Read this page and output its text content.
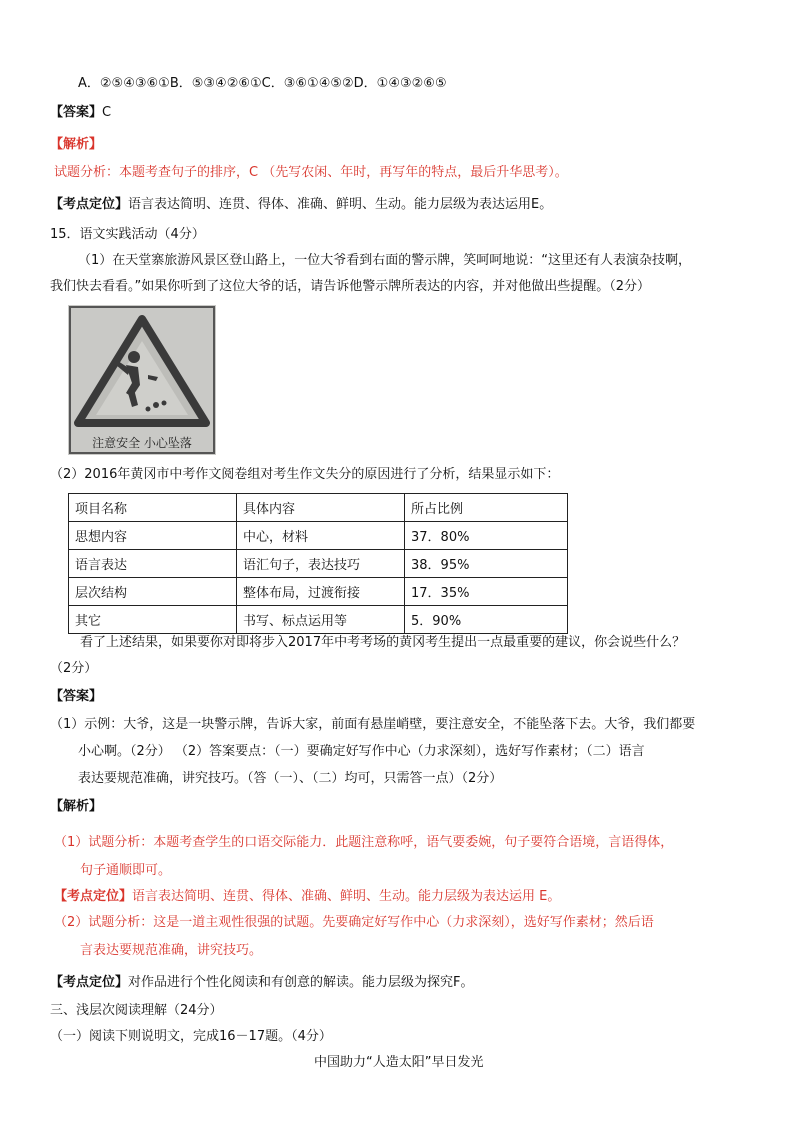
A．②⑤④③⑥①B．⑤③④②⑥①C．③⑥①④⑤②D．①④③②⑥⑤
【答案】C
【解析】
试题分析：本题考查句子的排序，C （先写农闲、年时，再写年的特点，最后升华思考）。
【考点定位】语言表达简明、连贯、得体、准确、鲜明、生动。能力层级为表达运用E。
15．语文实践活动（4分）
（1）在天堂寨旅游风景区登山路上，一位大爷看到右面的警示牌，笑呵呵地说：“这里还有人表演杂技啊，
我们快去看看。”如果你听到了这位大爷的话，请告诉他警示牌所表达的内容，并对他做出些提醒。（2分）
注意安全 小心坠落
（2）2016年黄冈市中考作文阅卷组对考生作文失分的原因进行了分析，结果显示如下：
项目名称	具体内容	所占比例
思想内容	中心，材料	37．80%
语言表达	语汇句子，表达技巧	38．95%
层次结构	整体布局，过渡衔接	17．35%
其它	书写、标点运用等	5．90%
看了上述结果，如果要你对即将步入2017年中考考场的黄冈考生提出一点最重要的建议，你会说些什么？
（2分）
【答案】
（1）示例：大爷，这是一块警示牌，告诉大家，前面有悬崖峭壁，要注意安全，不能坠落下去。大爷，我们都要
小心啊。（2分） （2）答案要点：（一）要确定好写作中心（力求深刻），选好写作素材；（二）语言
表达要规范准确，讲究技巧。（答（一）、（二）均可，只需答一点）（2分）
【解析】
（1）试题分析：本题考查学生的口语交际能力．此题注意称呼，语气要委婉，句子要符合语境，言语得体，
句子通顺即可。
【考点定位】语言表达简明、连贯、得体、准确、鲜明、生动。能力层级为表达运用 E。
（2）试题分析：这是一道主观性很强的试题。先要确定好写作中心（力求深刻），选好写作素材；然后语
言表达要规范准确，讲究技巧。
【考点定位】对作品进行个性化阅读和有创意的解读。能力层级为探究F。
三、浅层次阅读理解（24分）
（一）阅读下则说明文，完成16－17题。（4分）
中国助力“人造太阳”早日发光
